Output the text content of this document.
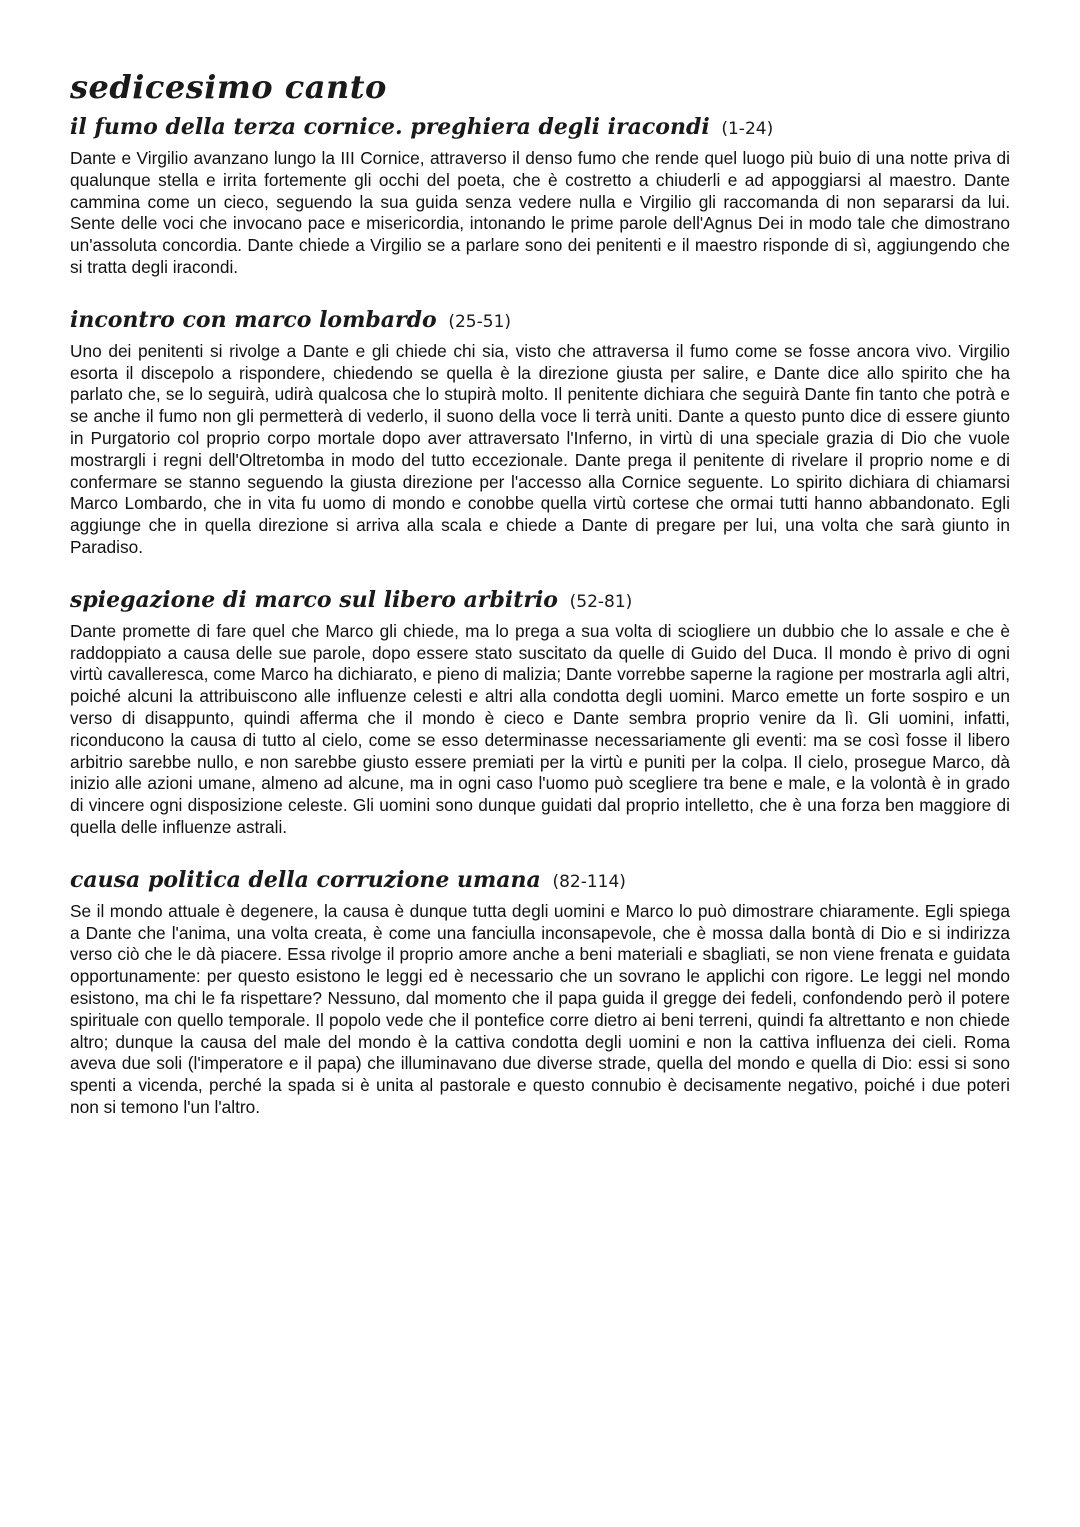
sedicesimo canto
il fumo della terza cornice. preghiera degli iracondi (1-24)

Dante e Virgilio avanzano lungo la III Cornice, attraverso il denso fumo che rende quel luogo più buio di una notte priva di qualunque stella e irrita fortemente gli occhi del poeta, che è costretto a chiuderli e ad appoggiarsi al maestro. Dante cammina come un cieco, seguendo la sua guida senza vedere nulla e Virgilio gli raccomanda di non separarsi da lui. Sente delle voci che invocano pace e misericordia, intonando le prime parole dell'Agnus Dei in modo tale che dimostrano un'assoluta concordia. Dante chiede a Virgilio se a parlare sono dei penitenti e il maestro risponde di sì, aggiungendo che si tratta degli iracondi.

incontro con marco lombardo (25-51)

Uno dei penitenti si rivolge a Dante e gli chiede chi sia, visto che attraversa il fumo come se fosse ancora vivo. Virgilio esorta il discepolo a rispondere, chiedendo se quella è la direzione giusta per salire, e Dante dice allo spirito che ha parlato che, se lo seguirà, udirà qualcosa che lo stupirà molto. Il penitente dichiara che seguirà Dante fin tanto che potrà e se anche il fumo non gli permetterà di vederlo, il suono della voce li terrà uniti. Dante a questo punto dice di essere giunto in Purgatorio col proprio corpo mortale dopo aver attraversato l'Inferno, in virtù di una speciale grazia di Dio che vuole mostrargli i regni dell'Oltretomba in modo del tutto eccezionale. Dante prega il penitente di rivelare il proprio nome e di confermare se stanno seguendo la giusta direzione per l'accesso alla Cornice seguente. Lo spirito dichiara di chiamarsi Marco Lombardo, che in vita fu uomo di mondo e conobbe quella virtù cortese che ormai tutti hanno abbandonato. Egli aggiunge che in quella direzione si arriva alla scala e chiede a Dante di pregare per lui, una volta che sarà giunto in Paradiso.

spiegazione di marco sul libero arbitrio (52-81)

Dante promette di fare quel che Marco gli chiede, ma lo prega a sua volta di sciogliere un dubbio che lo assale e che è raddoppiato a causa delle sue parole, dopo essere stato suscitato da quelle di Guido del Duca. Il mondo è privo di ogni virtù cavalleresca, come Marco ha dichiarato, e pieno di malizia; Dante vorrebbe saperne la ragione per mostrarla agli altri, poiché alcuni la attribuiscono alle influenze celesti e altri alla condotta degli uomini. Marco emette un forte sospiro e un verso di disappunto, quindi afferma che il mondo è cieco e Dante sembra proprio venire da lì. Gli uomini, infatti, riconducono la causa di tutto al cielo, come se esso determinasse necessariamente gli eventi: ma se così fosse il libero arbitrio sarebbe nullo, e non sarebbe giusto essere premiati per la virtù e puniti per la colpa. Il cielo, prosegue Marco, dà inizio alle azioni umane, almeno ad alcune, ma in ogni caso l'uomo può scegliere tra bene e male, e la volontà è in grado di vincere ogni disposizione celeste. Gli uomini sono dunque guidati dal proprio intelletto, che è una forza ben maggiore di quella delle influenze astrali.

causa politica della corruzione umana (82-114)

Se il mondo attuale è degenere, la causa è dunque tutta degli uomini e Marco lo può dimostrare chiaramente. Egli spiega a Dante che l'anima, una volta creata, è come una fanciulla inconsapevole, che è mossa dalla bontà di Dio e si indirizza verso ciò che le dà piacere. Essa rivolge il proprio amore anche a beni materiali e sbagliati, se non viene frenata e guidata opportunamente: per questo esistono le leggi ed è necessario che un sovrano le applichi con rigore. Le leggi nel mondo esistono, ma chi le fa rispettare? Nessuno, dal momento che il papa guida il gregge dei fedeli, confondendo però il potere spirituale con quello temporale. Il popolo vede che il pontefice corre dietro ai beni terreni, quindi fa altrettanto e non chiede altro; dunque la causa del male del mondo è la cattiva condotta degli uomini e non la cattiva influenza dei cieli. Roma aveva due soli (l'imperatore e il papa) che illuminavano due diverse strade, quella del mondo e quella di Dio: essi si sono spenti a vicenda, perché la spada si è unita al pastorale e questo connubio è decisamente negativo, poiché i due poteri non si temono l'un l'altro.
